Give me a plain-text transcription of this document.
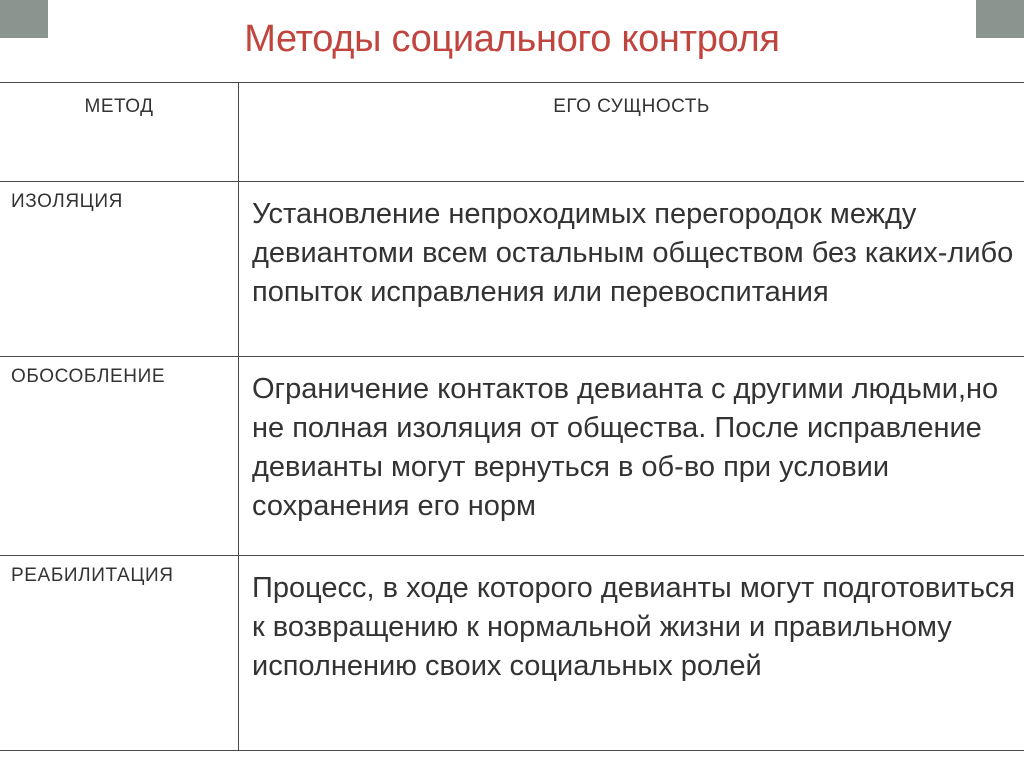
Методы социального контроля
МЕТОД	ЕГО СУЩНОСТЬ

ИЗОЛЯЦИЯ	Установление непроходимых перегородок между девиантоми всем остальным обществом без каких-либо попыток исправления или перевоспитания

ОБОСОБЛЕНИЕ	Ограничение контактов девианта с другими людьми,но не полная изоляция от общества. После исправление девианты могут вернуться в об-во при условии сохранения его норм

РЕАБИЛИТАЦИЯ	Процесс, в ходе которого девианты могут подготовиться к возвращению к нормальной жизни и правильному исполнению своих социальных ролей
